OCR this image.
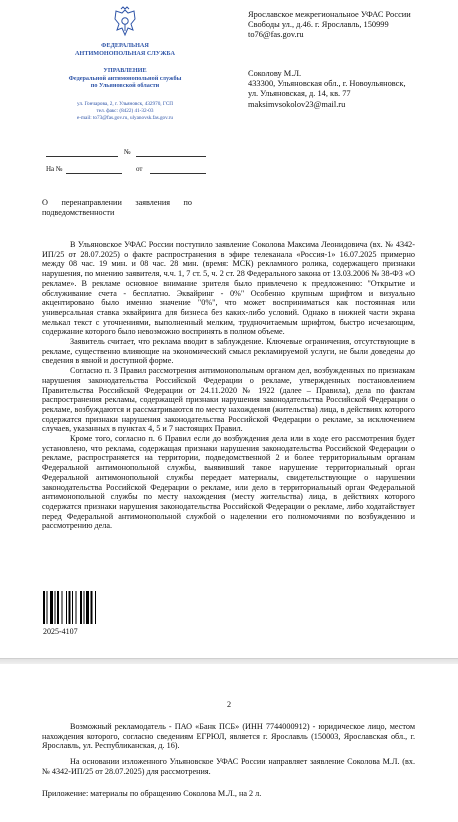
ФЕДЕРАЛЬНАЯ
АНТИМОНОПОЛЬНАЯ СЛУЖБА
УПРАВЛЕНИЕ
Федеральной антимонопольной службы
по Ульяновской области
ул. Гончарова, 2, г. Ульяновск, 432970, ГСП
тел. факс: (8422) 41-32-03
e-mail: to73@fas.gov.ru, ulyanovsk.fas.gov.ru
Ярославское межрегиональное УФАС России
Свободы ул., д.46. г. Ярославль, 150999
to76@fas.gov.ru
Соколову М.Л.
433300, Ульяновская обл., г. Новоульяновск,
ул. Ульяновская, д. 14, кв. 77
maksimvsokolov23@mail.ru
№
На №	от
О перенаправлении заявления по подведомственности

В Ульяновское УФАС России поступило заявление Соколова Максима Леонидовича (вх. № 4342-ИП/25 от 28.07.2025) о факте распространения в эфире телеканала «Россия-1» 16.07.2025 примерно между 08 час. 19 мин. и 08 час. 28 мин. (время: МСК) рекламного ролика, содержащего признаки нарушения, по мнению заявителя, ч.ч. 1, 7 ст. 5, ч. 2 ст. 28 Федерального закона от 13.03.2006 № 38-ФЗ «О рекламе». В рекламе основное внимание зрителя было привлечено к предложению: "Открытие и обслуживание счета - бесплатно. Эквайринг - 0%" Особенно крупным шрифтом и визуально акцентировано было именно значение "0%", что может восприниматься как постоянная или универсальная ставка эквайринга для бизнеса без каких-либо условий. Однако в нижней части экрана мелькал текст с уточнениями, выполненный мелким, трудночитаемым шрифтом, быстро исчезающим, содержание которого было невозможно воспринять в полном объеме.

Заявитель считает, что реклама вводит в заблуждение. Ключевые ограничения, отсутствующие в рекламе, существенно влияющие на экономический смысл рекламируемой услуги, не были доведены до сведения в явной и доступной форме.

Согласно п. 3 Правил рассмотрения антимонопольным органом дел, возбужденных по признакам нарушения законодательства Российской Федерации о рекламе, утвержденных постановлением Правительства Российской Федерации от 24.11.2020 № 1922 (далее – Правила), дела по фактам распространения рекламы, содержащей признаки нарушения законодательства Российской Федерации о рекламе, возбуждаются и рассматриваются по месту нахождения (жительства) лица, в действиях которого содержатся признаки нарушения законодательства Российской Федерации о рекламе, за исключением случаев, указанных в пунктах 4, 5 и 7 настоящих Правил.

Кроме того, согласно п. 6 Правил если до возбуждения дела или в ходе его рассмотрения будет установлено, что реклама, содержащая признаки нарушения законодательства Российской Федерации о рекламе, распространяется на территории, подведомственной 2 и более территориальным органам Федеральной антимонопольной службы, выявивший такое нарушение территориальный орган Федеральной антимонопольной службы передает материалы, свидетельствующие о нарушении законодательства Российской Федерации о рекламе, или дело в территориальный орган Федеральной антимонопольной службы по месту нахождения (месту жительства) лица, в действиях которого содержатся признаки нарушения законодательства Российской Федерации о рекламе, либо ходатайствует перед Федеральной антимонопольной службой о наделении его полномочиями по возбуждению и рассмотрению дела.

2025-4107
2

Возможный рекламодатель - ПАО «Банк ПСБ» (ИНН 7744000912) - юридическое лицо, местом нахождения которого, согласно сведениям ЕГРЮЛ, является г. Ярославль (150003, Ярославская обл., г. Ярославль, ул. Республиканская, д. 16).

На основании изложенного Ульяновское УФАС России направляет заявление Соколова М.Л. (вх. № 4342-ИП/25 от 28.07.2025) для рассмотрения.

Приложение: материалы по обращению Соколова М.Л., на 2 л.
